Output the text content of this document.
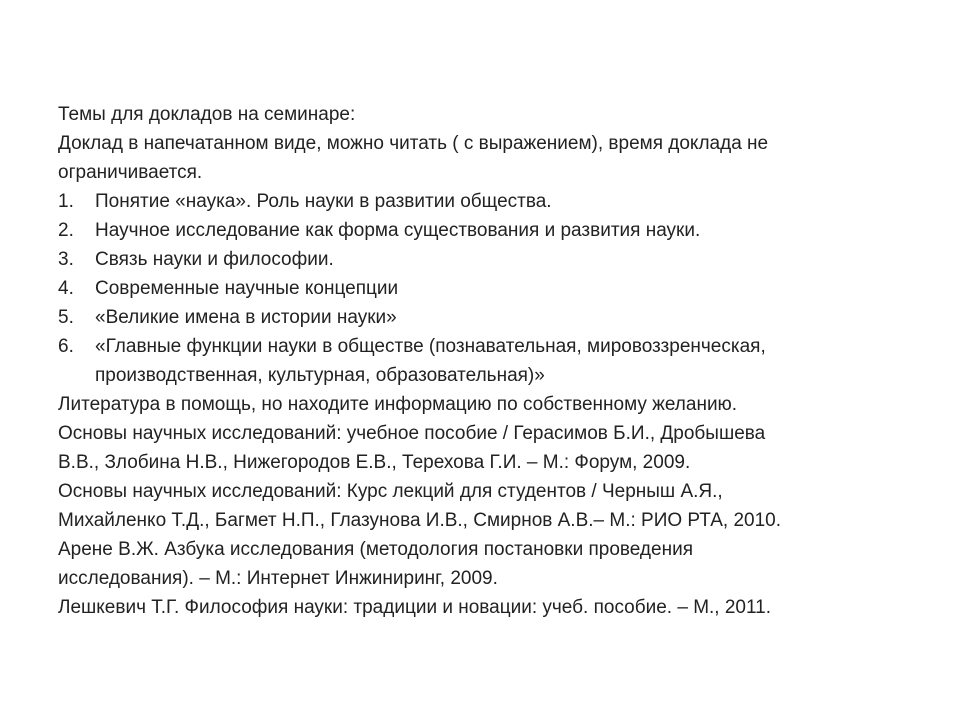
Темы для докладов на семинаре:

Доклад в напечатанном виде, можно читать ( с выражением), время доклада не

ограничивается.

1.	Понятие «наука». Роль науки в развитии общества.
2.	Научное исследование как форма существования и развития науки.
3.	Связь науки и философии.
4.	Современные научные концепции
5.	«Великие имена в истории науки»
6.	«Главные функции науки в обществе (познавательная, мировоззренческая,
производственная, культурная, образовательная)»

Литература в помощь, но находите информацию по собственному желанию.

Основы научных исследований: учебное пособие / Герасимов Б.И., Дробышева

В.В., Злобина Н.В., Нижегородов Е.В., Терехова Г.И. – М.: Форум, 2009.

Основы научных исследований: Курс лекций для студентов / Черныш А.Я.,

Михайленко Т.Д., Багмет Н.П., Глазунова И.В., Смирнов А.В.– М.: РИО РТА, 2010.

Арене В.Ж. Азбука исследования (методология постановки проведения

исследования). – М.: Интернет Инжиниринг, 2009.

Лешкевич Т.Г. Философия науки: традиции и новации: учеб. пособие. – М., 2011.
